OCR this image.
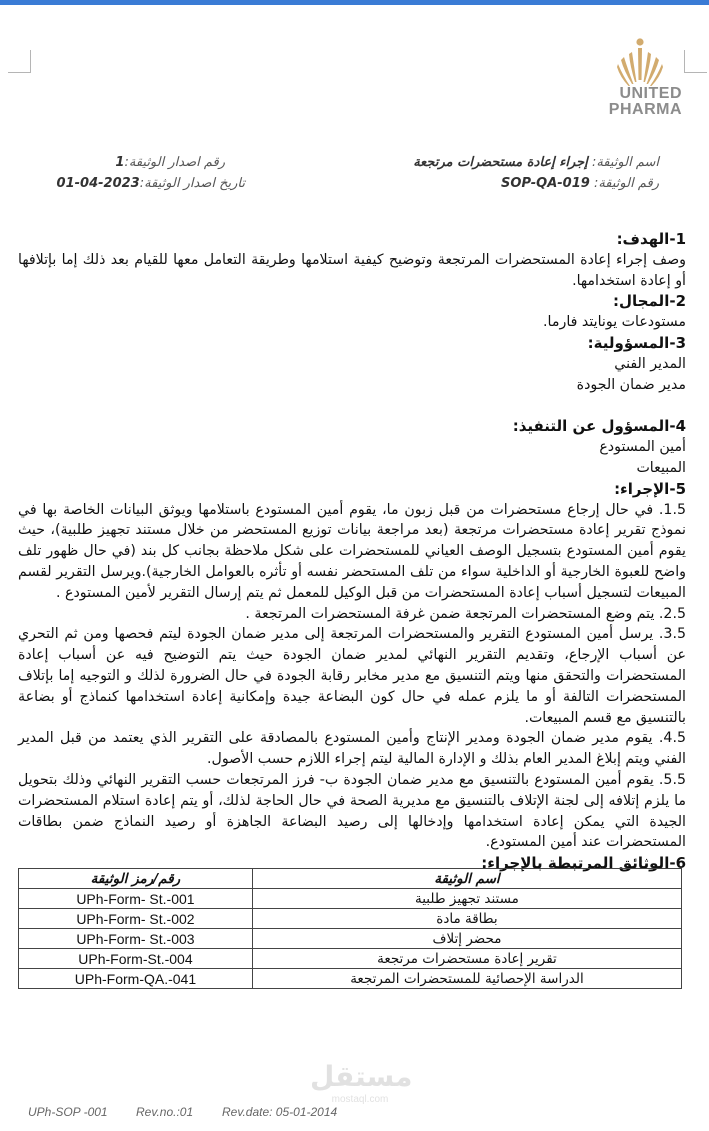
UNITED
PHARMA
اسم الوثيقة: إجراء إعادة مستحضرات مرتجعة
رقم الوثيقة: SOP-QA-019
رقم اصدار الوثيقة:1
تاريخ اصدار الوثيقة:2023-04-01

1-الهدف:

وصف إجراء إعادة المستحضرات المرتجعة وتوضيح كيفية استلامها وطريقة التعامل معها للقيام بعد ذلك إما بإتلافها أو إعادة استخدامها.

2-المجال:

مستودعات يونايتد فارما.

3-المسؤولية:

المدير الفني

مدير ضمان الجودة

4-المسؤول عن التنفيذ:

أمين المستودع

المبيعات

5-الإجراء:

1.5. في حال إرجاع مستحضرات من قبل زبون ما، يقوم أمين المستودع باستلامها ويوثق البيانات الخاصة بها في نموذج تقرير إعادة مستحضرات مرتجعة (بعد مراجعة بيانات توزيع المستحضر من خلال مستند تجهيز طلبية)، حيث يقوم أمين المستودع بتسجيل الوصف العياني للمستحضرات على شكل ملاحظة بجانب كل بند (في حال ظهور تلف واضح للعبوة الخارجية أو الداخلية سواء من تلف المستحضر نفسه أو تأثره بالعوامل الخارجية).ويرسل التقرير لقسم المبيعات لتسجيل أسباب إعادة المستحضرات من قبل الوكيل للمعمل ثم يتم إرسال التقرير لأمين المستودع .

2.5. يتم وضع المستحضرات المرتجعة ضمن غرفة المستحضرات المرتجعة .

3.5. يرسل أمين المستودع التقرير والمستحضرات المرتجعة إلى مدير ضمان الجودة ليتم فحصها ومن ثم التحري عن أسباب الإرجاع، وتقديم التقرير النهائي لمدير ضمان الجودة حيث يتم التوضيح فيه عن أسباب إعادة المستحضرات والتحقق منها ويتم التنسيق مع مدير مخابر رقابة الجودة في حال الضرورة لذلك و التوجيه إما بإتلاف المستحضرات التالفة أو ما يلزم عمله في حال كون البضاعة جيدة وإمكانية إعادة استخدامها كنماذج أو بضاعة بالتنسيق مع قسم المبيعات.

4.5. يقوم مدير ضمان الجودة ومدير الإنتاج وأمين المستودع بالمصادقة على التقرير الذي يعتمد من قبل المدير الفني ويتم إبلاغ المدير العام بذلك و الإدارة المالية ليتم إجراء اللازم حسب الأصول.

5.5. يقوم أمين المستودع بالتنسيق مع مدير ضمان الجودة ب- فرز المرتجعات حسب التقرير النهائي وذلك بتحويل ما يلزم إتلافه إلى لجنة الإتلاف بالتنسيق مع مديرية الصحة في حال الحاجة لذلك، أو يتم إعادة استلام المستحضرات الجيدة التي يمكن إعادة استخدامها وإدخالها إلى رصيد البضاعة الجاهزة أو رصيد النماذج ضمن بطاقات المستحضرات عند أمين المستودع.

6-الوثائق المرتبطة بالإجراء:

اسم الوثيقة	رقم/رمز الوثيقة
مستند تجهيز طلبية	UPh-Form- St.-001
بطاقة مادة	UPh-Form- St.-002
محضر إتلاف	UPh-Form- St.-003
تقرير إعادة مستحضرات مرتجعة	UPh-Form-St.-004
الدراسة الإحصائية للمستحضرات المرتجعة	UPh-Form-QA.-041
مستقل
mostaql.com
UPh-SOP -001 Rev.no.:01 Rev.date: 05-01-2014
